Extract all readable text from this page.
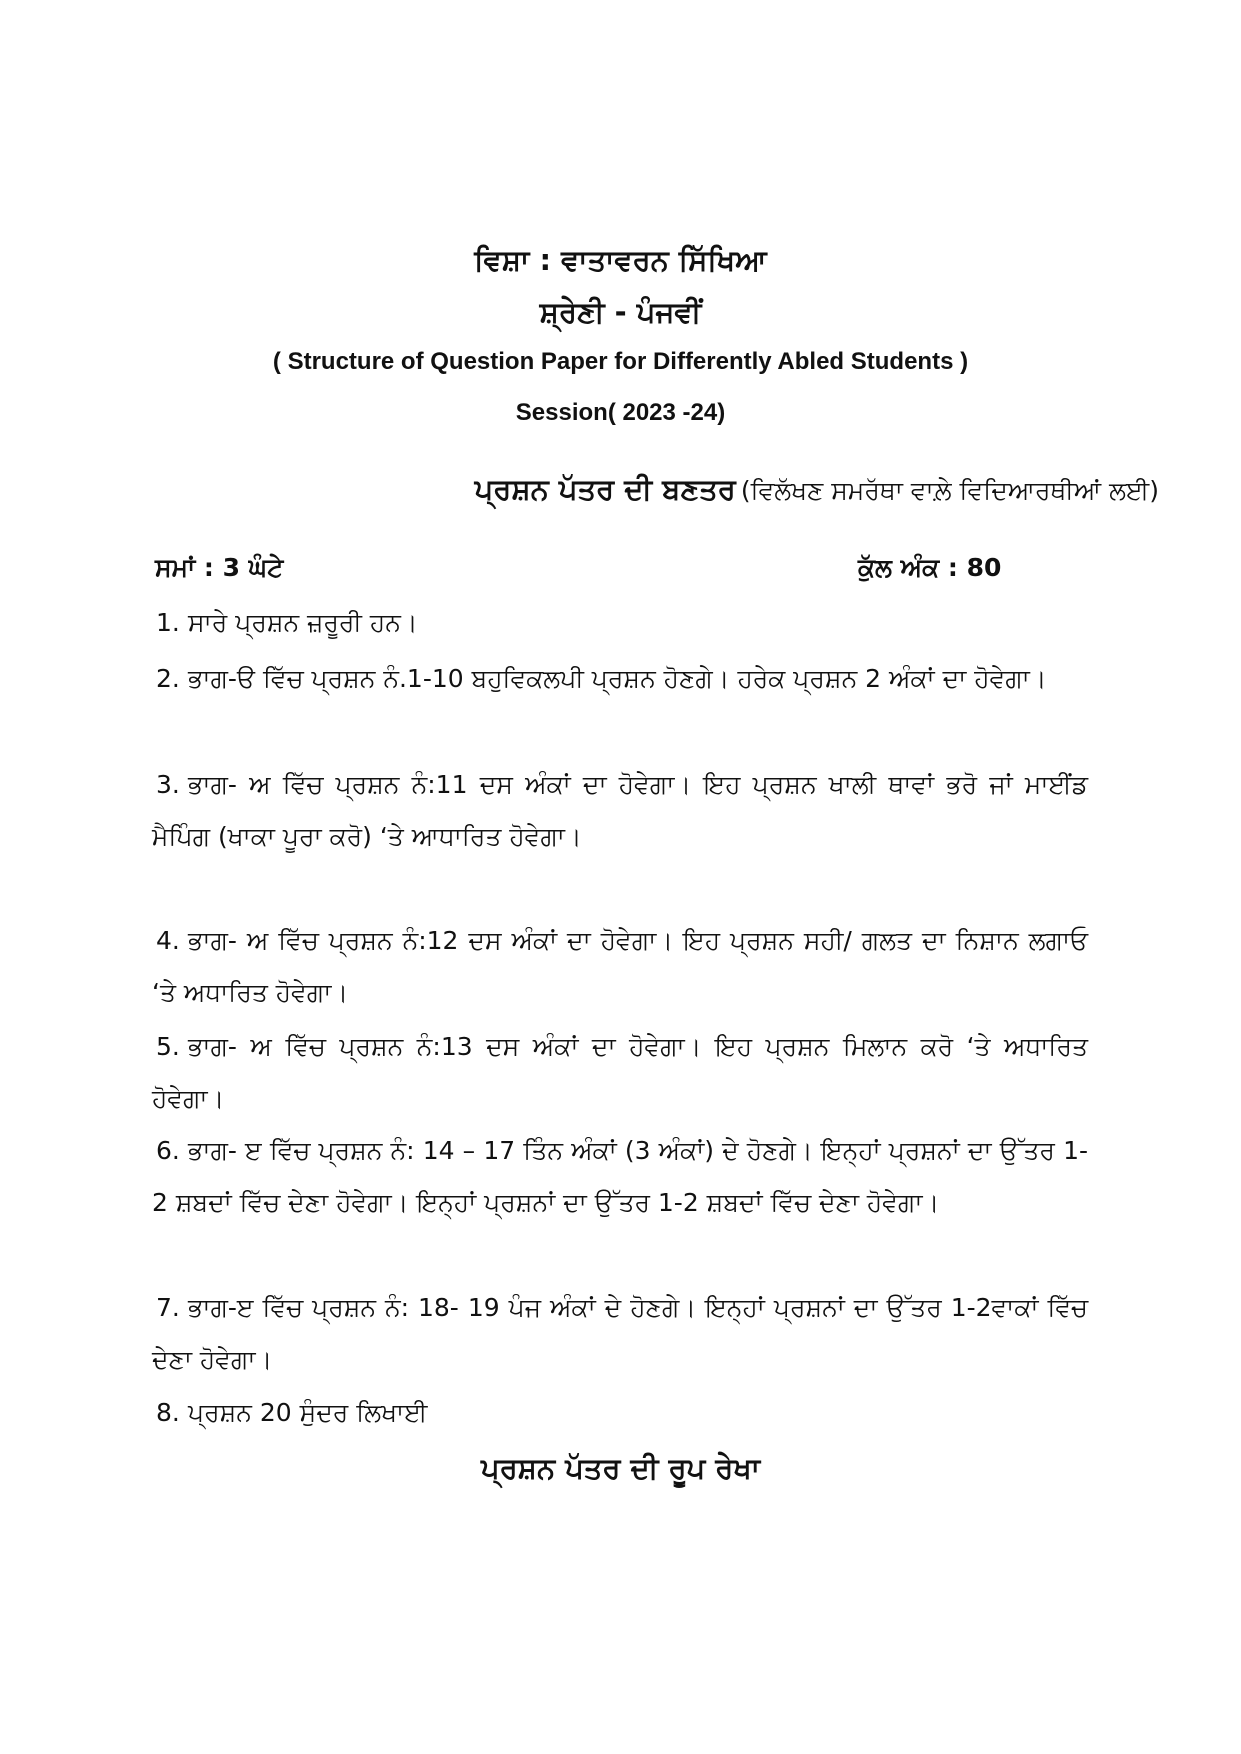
ਵਿਸ਼ਾ : ਵਾਤਾਵਰਨ ਸਿੱਖਿਆ
ਸ਼੍ਰੇਣੀ - ਪੰਜਵੀਂ
( Structure of Question Paper for Differently Abled Students )
Session( 2023 -24)
ਪ੍ਰਸ਼ਨ ਪੱਤਰ ਦੀ ਬਣਤਰ (ਵਿਲੱਖਣ ਸਮਰੱਥਾ ਵਾਲ਼ੇ ਵਿਦਿਆਰਥੀਆਂ ਲਈ)
ਸਮਾਂ : 3 ਘੰਟੇ	ਕੁੱਲ ਅੰਕ : 80
1. ਸਾਰੇ ਪ੍ਰਸ਼ਨ ਜ਼ਰੂਰੀ ਹਨ।
2. ਭਾਗ-ੳ ਵਿੱਚ ਪ੍ਰਸ਼ਨ ਨੰ.1-10 ਬਹੁਵਿਕਲਪੀ ਪ੍ਰਸ਼ਨ ਹੋਣਗੇ। ਹਰੇਕ ਪ੍ਰਸ਼ਨ 2 ਅੰਕਾਂ ਦਾ ਹੋਵੇਗਾ।
3. ਭਾਗ- ਅ ਵਿੱਚ ਪ੍ਰਸ਼ਨ ਨੰ:11 ਦਸ ਅੰਕਾਂ ਦਾ ਹੋਵੇਗਾ। ਇਹ ਪ੍ਰਸ਼ਨ ਖਾਲੀ ਥਾਵਾਂ ਭਰੋ ਜਾਂ ਮਾਈਂਡ ਮੈਪਿੰਗ (ਖਾਕਾ ਪੂਰਾ ਕਰੋ) ‘ਤੇ ਆਧਾਰਿਤ ਹੋਵੇਗਾ।
4. ਭਾਗ- ਅ ਵਿੱਚ ਪ੍ਰਸ਼ਨ ਨੰ:12 ਦਸ ਅੰਕਾਂ ਦਾ ਹੋਵੇਗਾ। ਇਹ ਪ੍ਰਸ਼ਨ ਸਹੀ/ ਗਲਤ ਦਾ ਨਿਸ਼ਾਨ ਲਗਾਓ ‘ਤੇ ਅਧਾਰਿਤ ਹੋਵੇਗਾ।
5. ਭਾਗ- ਅ ਵਿੱਚ ਪ੍ਰਸ਼ਨ ਨੰ:13 ਦਸ ਅੰਕਾਂ ਦਾ ਹੋਵੇਗਾ। ਇਹ ਪ੍ਰਸ਼ਨ ਮਿਲਾਨ ਕਰੋ ‘ਤੇ ਅਧਾਰਿਤ ਹੋਵੇਗਾ।
6. ਭਾਗ- ੲ ਵਿੱਚ ਪ੍ਰਸ਼ਨ ਨੰ: 14 – 17 ਤਿੰਨ ਅੰਕਾਂ (3 ਅੰਕਾਂ) ਦੇ ਹੋਣਗੇ। ਇਨ੍ਹਾਂ ਪ੍ਰਸ਼ਨਾਂ ਦਾ ਉੱਤਰ 1-2 ਸ਼ਬਦਾਂ ਵਿੱਚ ਦੇਣਾ ਹੋਵੇਗਾ। ਇਨ੍ਹਾਂ ਪ੍ਰਸ਼ਨਾਂ ਦਾ ਉੱਤਰ 1-2 ਸ਼ਬਦਾਂ ਵਿੱਚ ਦੇਣਾ ਹੋਵੇਗਾ।
7. ਭਾਗ-ੲ ਵਿੱਚ ਪ੍ਰਸ਼ਨ ਨੰ: 18- 19 ਪੰਜ ਅੰਕਾਂ ਦੇ ਹੋਣਗੇ। ਇਨ੍ਹਾਂ ਪ੍ਰਸ਼ਨਾਂ ਦਾ ਉੱਤਰ 1-2ਵਾਕਾਂ ਵਿੱਚ ਦੇਣਾ ਹੋਵੇਗਾ।
8. ਪ੍ਰਸ਼ਨ 20 ਸੁੰਦਰ ਲਿਖਾਈ
ਪ੍ਰਸ਼ਨ ਪੱਤਰ ਦੀ ਰੂਪ ਰੇਖਾ
